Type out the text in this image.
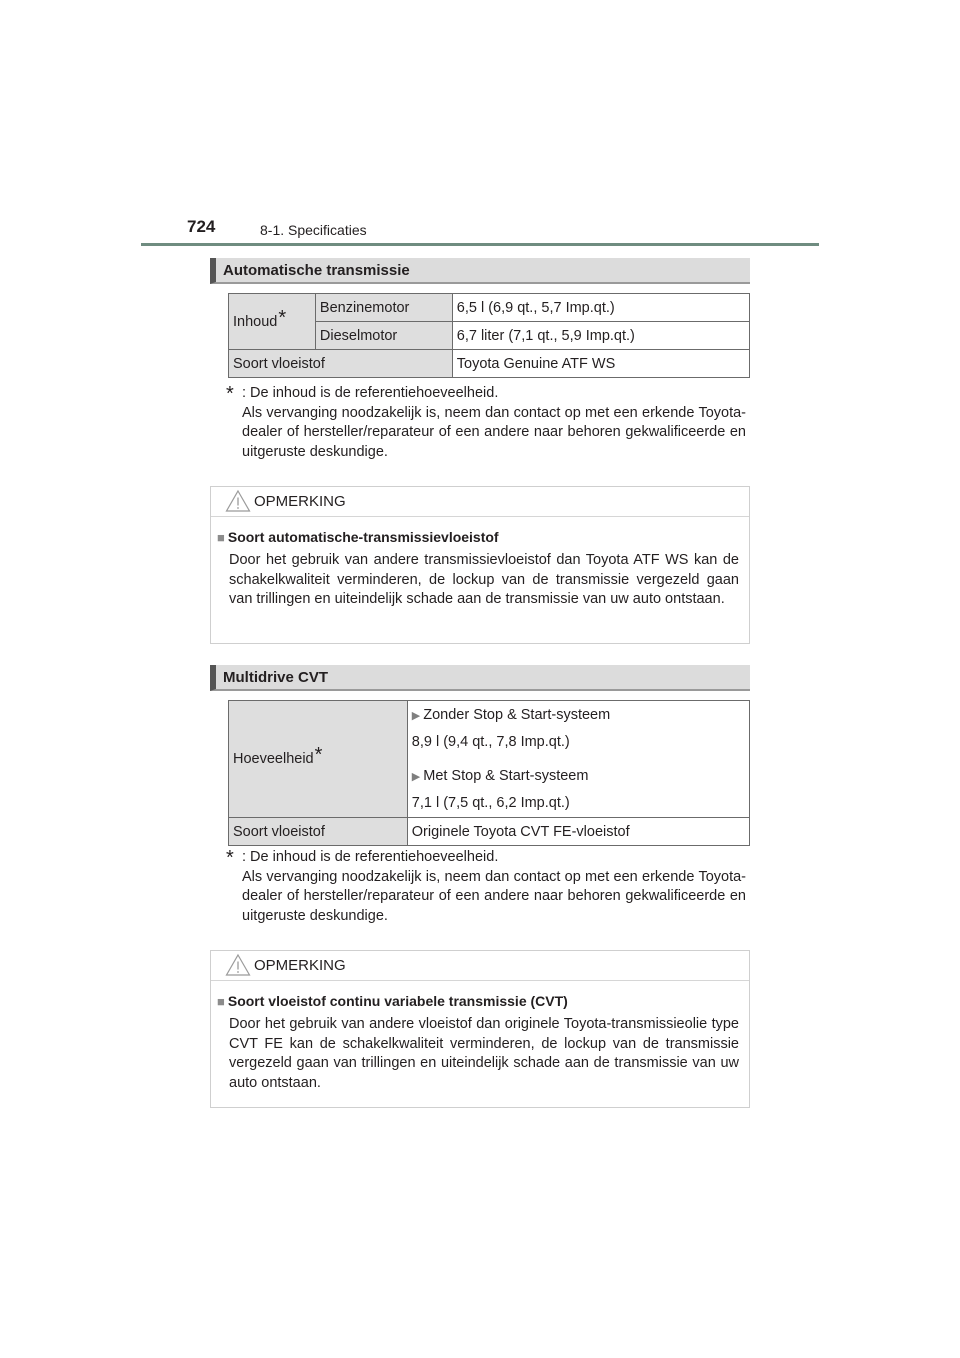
724	8-1. Specificaties
Automatische transmissie
Inhoud*	Benzinemotor	6,5 l (6,9 qt., 5,7 Imp.qt.)
	Dieselmotor	6,7 liter (7,1 qt., 5,9 Imp.qt.)
Soort vloeistof		Toyota Genuine ATF WS
* : De inhoud is de referentiehoeveelheid.
Als vervanging noodzakelijk is, neem dan contact op met een erkende Toyota-dealer of hersteller/reparateur of een andere naar behoren gekwalificeerde en uitgeruste deskundige.
OPMERKING
■ Soort automatische-transmissievloeistof
Door het gebruik van andere transmissievloeistof dan Toyota ATF WS kan de schakelkwaliteit verminderen, de lockup van de transmissie vergezeld gaan van trillingen en uiteindelijk schade aan de transmissie van uw auto ontstaan.
Multidrive CVT
Hoeveelheid*	▶ Zonder Stop & Start-systeem
8,9 l (9,4 qt., 7,8 Imp.qt.)
▶ Met Stop & Start-systeem
7,1 l (7,5 qt., 6,2 Imp.qt.)

Soort vloeistof	Originele Toyota CVT FE-vloeistof
* : De inhoud is de referentiehoeveelheid.
Als vervanging noodzakelijk is, neem dan contact op met een erkende Toyota-dealer of hersteller/reparateur of een andere naar behoren gekwalificeerde en uitgeruste deskundige.
OPMERKING
■ Soort vloeistof continu variabele transmissie (CVT)
Door het gebruik van andere vloeistof dan originele Toyota-transmissieolie type CVT FE kan de schakelkwaliteit verminderen, de lockup van de transmissie vergezeld gaan van trillingen en uiteindelijk schade aan de transmissie van uw auto ontstaan.
